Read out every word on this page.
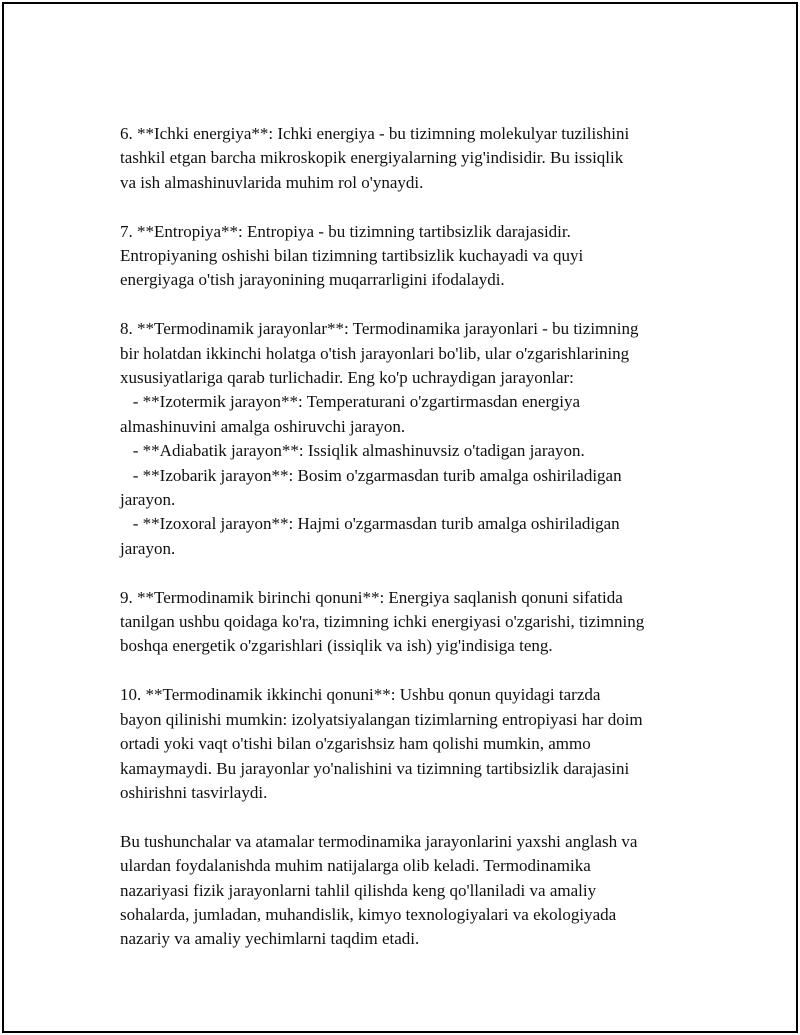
6. **Ichki energiya**: Ichki energiya - bu tizimning molekulyar tuzilishini
tashkil etgan barcha mikroskopik energiyalarning yig'indisidir. Bu issiqlik
va ish almashinuvlarida muhim rol o'ynaydi.

7. **Entropiya**: Entropiya - bu tizimning tartibsizlik darajasidir.
Entropiyaning oshishi bilan tizimning tartibsizlik kuchayadi va quyi
energiyaga o'tish jarayonining muqarrarligini ifodalaydi.

8. **Termodinamik jarayonlar**: Termodinamika jarayonlari - bu tizimning
bir holatdan ikkinchi holatga o'tish jarayonlari bo'lib, ular o'zgarishlarining
xususiyatlariga qarab turlichadir. Eng ko'p uchraydigan jarayonlar:
- **Izotermik jarayon**: Temperaturani o'zgartirmasdan energiya
almashinuvini amalga oshiruvchi jarayon.
- **Adiabatik jarayon**: Issiqlik almashinuvsiz o'tadigan jarayon.
- **Izobarik jarayon**: Bosim o'zgarmasdan turib amalga oshiriladigan
jarayon.
- **Izoxoral jarayon**: Hajmi o'zgarmasdan turib amalga oshiriladigan
jarayon.

9. **Termodinamik birinchi qonuni**: Energiya saqlanish qonuni sifatida
tanilgan ushbu qoidaga ko'ra, tizimning ichki energiyasi o'zgarishi, tizimning
boshqa energetik o'zgarishlari (issiqlik va ish) yig'indisiga teng.

10. **Termodinamik ikkinchi qonuni**: Ushbu qonun quyidagi tarzda
bayon qilinishi mumkin: izolyatsiyalangan tizimlarning entropiyasi har doim
ortadi yoki vaqt o'tishi bilan o'zgarishsiz ham qolishi mumkin, ammo
kamaymaydi. Bu jarayonlar yo'nalishini va tizimning tartibsizlik darajasini
oshirishni tasvirlaydi.

Bu tushunchalar va atamalar termodinamika jarayonlarini yaxshi anglash va
ulardan foydalanishda muhim natijalarga olib keladi. Termodinamika
nazariyasi fizik jarayonlarni tahlil qilishda keng qo'llaniladi va amaliy
sohalarda, jumladan, muhandislik, kimyo texnologiyalari va ekologiyada
nazariy va amaliy yechimlarni taqdim etadi.
